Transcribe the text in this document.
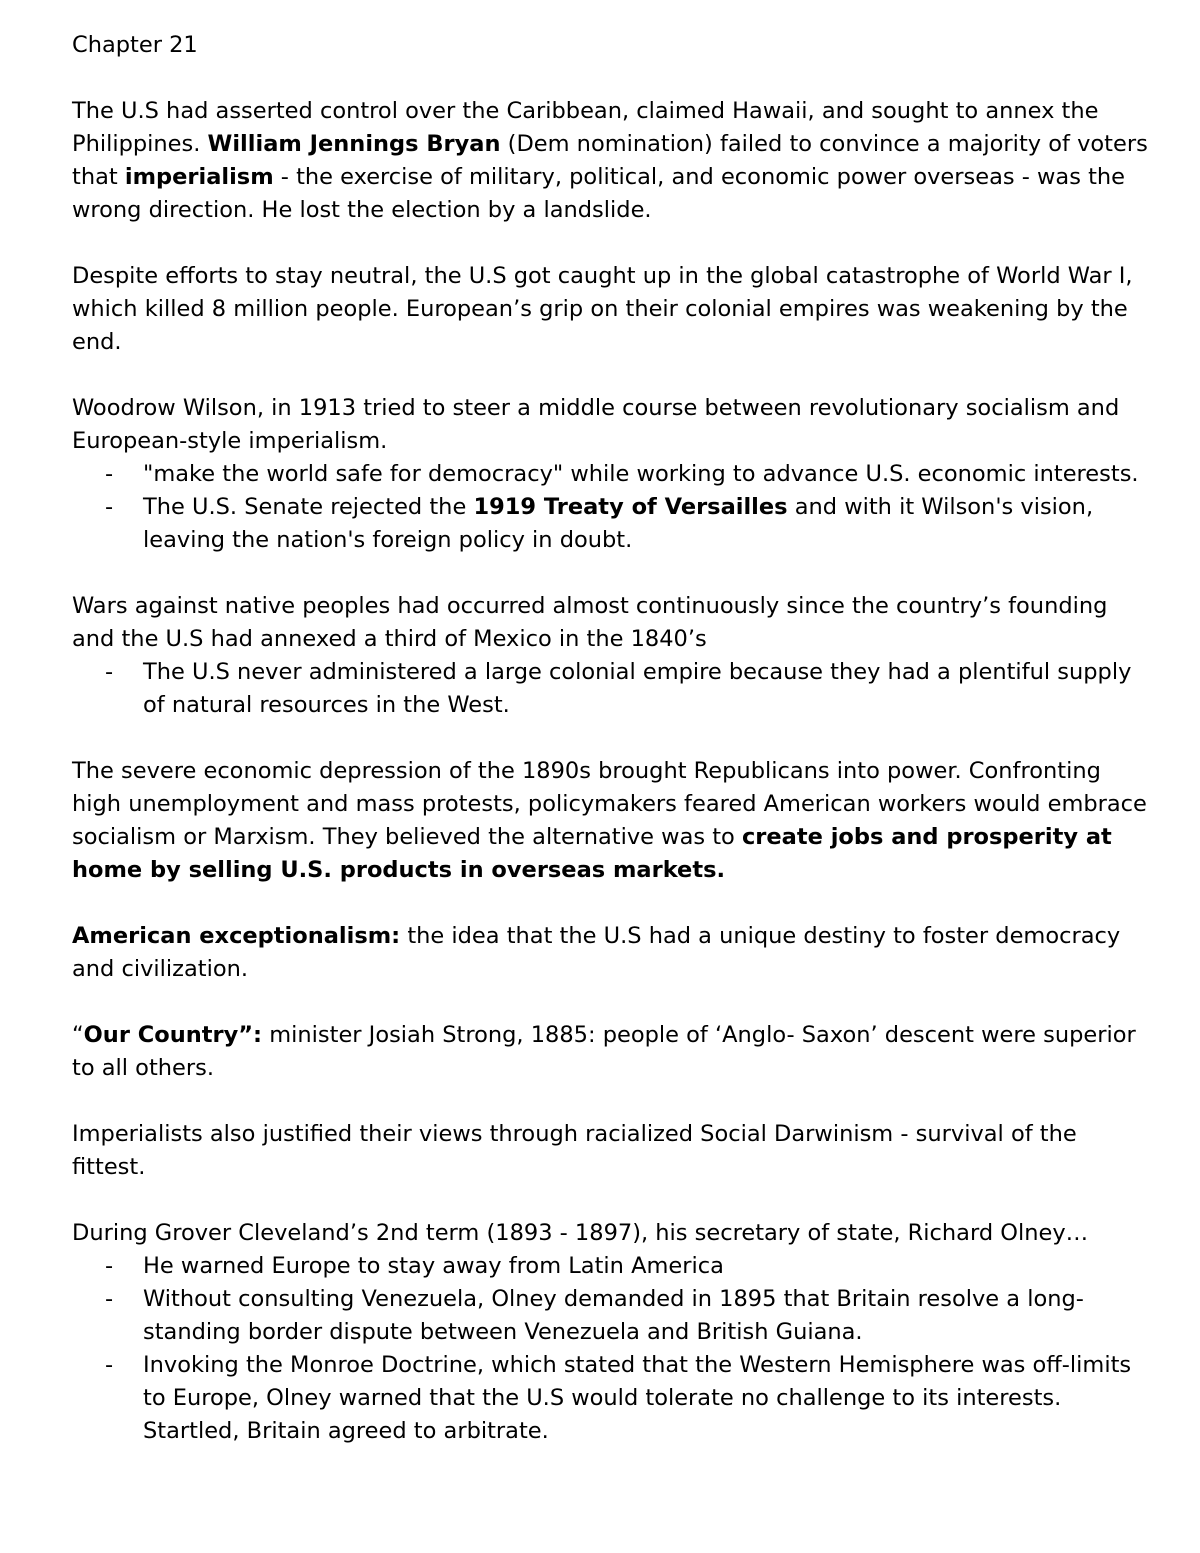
Chapter 21

The U.S had asserted control over the Caribbean, claimed Hawaii, and sought to annex the Philippines. William Jennings Bryan (Dem nomination) failed to convince a majority of voters that imperialism - the exercise of military, political, and economic power overseas - was the wrong direction. He lost the election by a landslide.

Despite efforts to stay neutral, the U.S got caught up in the global catastrophe of World War I, which killed 8 million people. European’s grip on their colonial empires was weakening by the end.

Woodrow Wilson, in 1913 tried to steer a middle course between revolutionary socialism and European-style imperialism.

- "make the world safe for democracy" while working to advance U.S. economic interests.
- The U.S. Senate rejected the 1919 Treaty of Versailles and with it Wilson's vision, leaving the nation's foreign policy in doubt.

Wars against native peoples had occurred almost continuously since the country’s founding and the U.S had annexed a third of Mexico in the 1840’s

- The U.S never administered a large colonial empire because they had a plentiful supply of natural resources in the West.

The severe economic depression of the 1890s brought Republicans into power. Confronting high unemployment and mass protests, policymakers feared American workers would embrace socialism or Marxism. They believed the alternative was to create jobs and prosperity at home by selling U.S. products in overseas markets.

American exceptionalism: the idea that the U.S had a unique destiny to foster democracy and civilization.

“Our Country”: minister Josiah Strong, 1885: people of ‘Anglo- Saxon’ descent were superior to all others.

Imperialists also justified their views through racialized Social Darwinism - survival of the fittest.

During Grover Cleveland’s 2nd term (1893 - 1897), his secretary of state, Richard Olney…

- He warned Europe to stay away from Latin America
- Without consulting Venezuela, Olney demanded in 1895 that Britain resolve a long-standing border dispute between Venezuela and British Guiana.
- Invoking the Monroe Doctrine, which stated that the Western Hemisphere was off-limits to Europe, Olney warned that the U.S would tolerate no challenge to its interests. Startled, Britain agreed to arbitrate.
